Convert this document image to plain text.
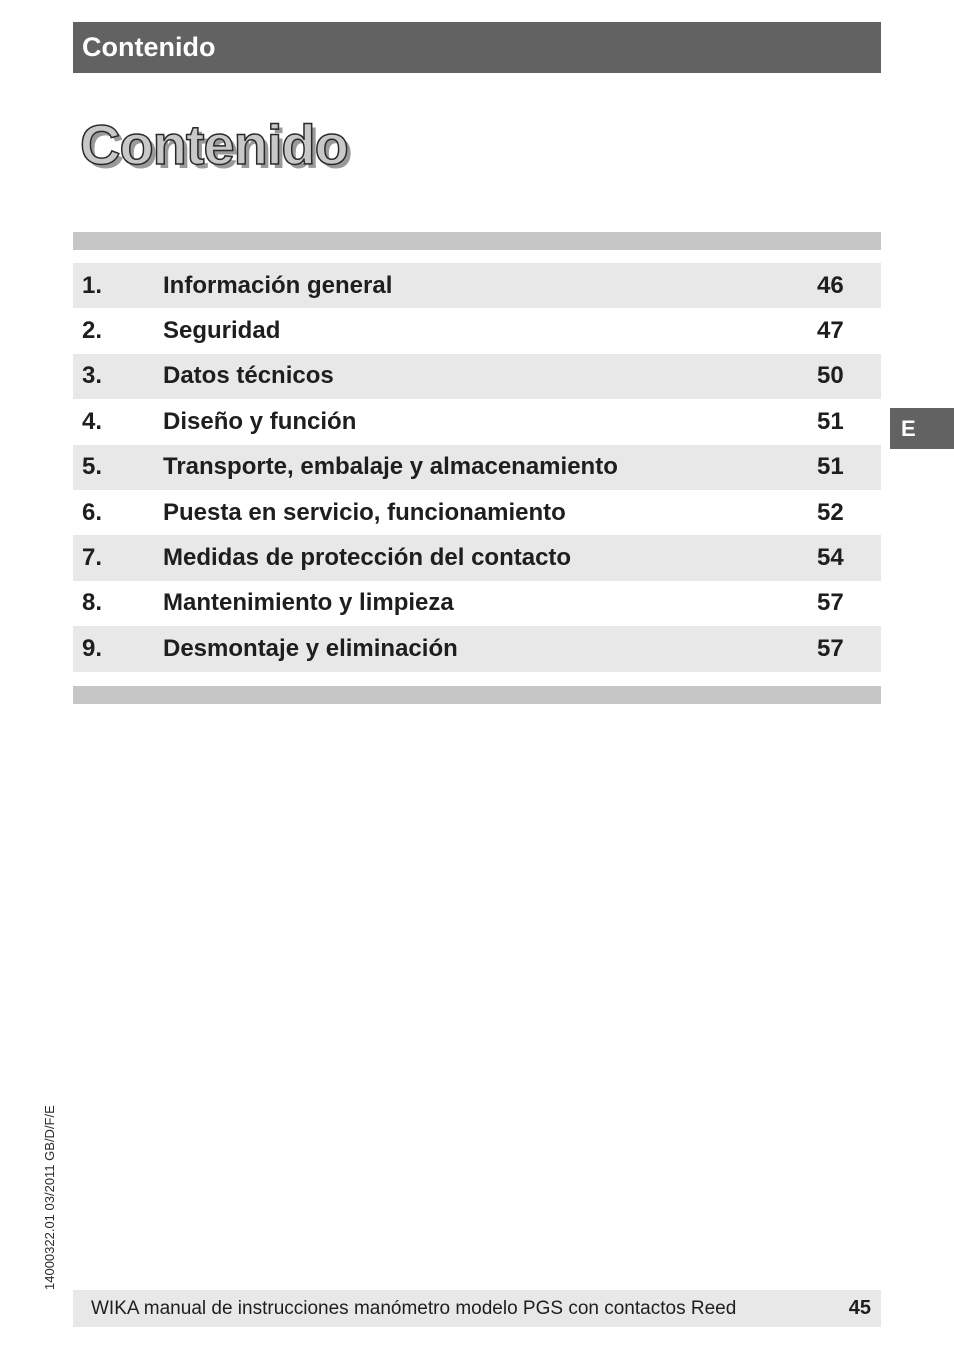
Contenido
Contenido
1.	Información general	46
2.	Seguridad	47
3.	Datos técnicos	50
4.	Diseño y función	51
5.	Transporte, embalaje y almacenamiento	51
6.	Puesta en servicio, funcionamiento	52
7.	Medidas de protección del contacto	54
8.	Mantenimiento y limpieza	57
9.	Desmontaje y eliminación	57
E
14000322.01 03/2011 GB/D/F/E
WIKA manual de instrucciones manómetro modelo PGS con contactos Reed	45
